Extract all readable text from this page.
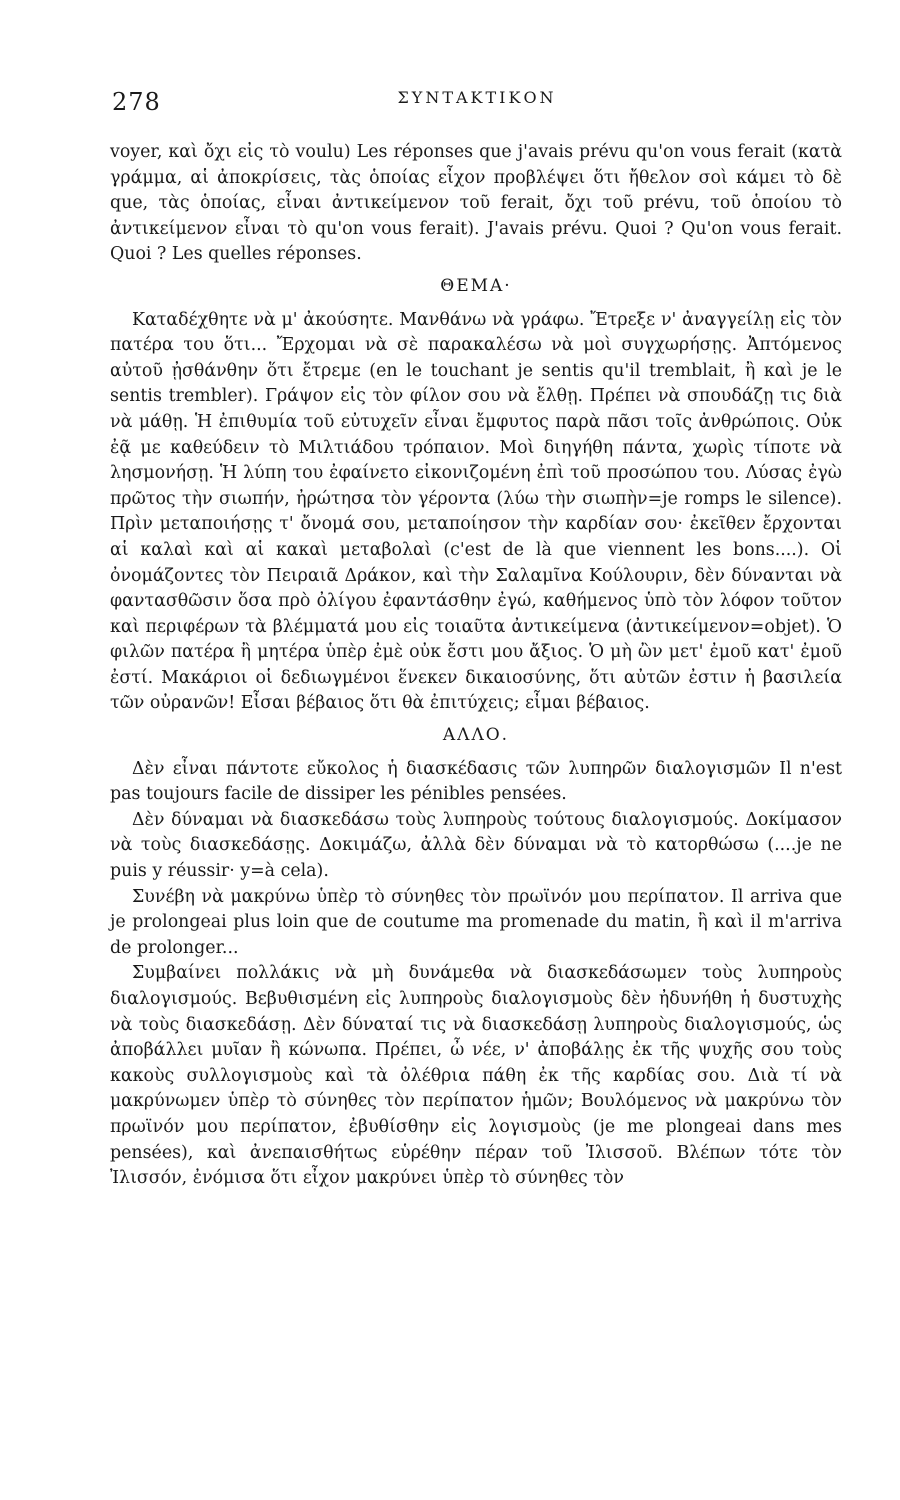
278	ΣΥΝΤΑΚΤΙΚΟΝ

voyer, καὶ ὄχι εἰς τὸ voulu) Les réponses que j'avais prévu qu'on vous ferait (κατὰ γράμμα, αἱ ἀποκρίσεις, τὰς ὁποίας εἶχον προβλέψει ὅτι ἤθελον σοὶ κάμει τὸ δὲ que, τὰς ὁποίας, εἶναι ἀντικείμενον τοῦ ferait, ὄχι τοῦ prévu, τοῦ ὁποίου τὸ ἀντικείμενον εἶναι τὸ qu'on vous ferait). J'avais prévu. Quoi ? Qu'on vous ferait. Quoi ? Les quelles réponses.

ΘΕΜΑ·

Καταδέχθητε νὰ μ' ἀκούσητε. Μανθάνω νὰ γράφω. Ἔτρεξε ν' ἀναγγείλῃ εἰς τὸν πατέρα του ὅτι... Ἔρχομαι νὰ σὲ παρακαλέσω νὰ μοὶ συγχωρήσῃς. Ἀπτόμενος αὐτοῦ ᾐσθάνθην ὅτι ἔτρεμε (en le touchant je sentis qu'il tremblait, ἢ καὶ je le sentis trembler). Γράψον εἰς τὸν φίλον σου νὰ ἔλθῃ. Πρέπει νὰ σπουδάζῃ τις διὰ νὰ μάθῃ. Ἡ ἐπιθυμία τοῦ εὐτυχεῖν εἶναι ἔμφυτος παρὰ πᾶσι τοῖς ἀνθρώποις. Οὐκ ἐᾷ με καθεύδειν τὸ Μιλτιάδου τρόπαιον. Μοὶ διηγήθη πάντα, χωρὶς τίποτε νὰ λησμονήσῃ. Ἡ λύπη του ἐφαίνετο εἰκονιζομένη ἐπὶ τοῦ προσώπου του. Λύσας ἐγὼ πρῶτος τὴν σιωπήν, ἠρώτησα τὸν γέροντα (λύω τὴν σιωπὴν=je romps le silence). Πρὶν μεταποιήσῃς τ' ὄνομά σου, μεταποίησον τὴν καρδίαν σου· ἐκεῖθεν ἔρχονται αἱ καλαὶ καὶ αἱ κακαὶ μεταβολαὶ (c'est de là que viennent les bons....). Οἱ ὀνομάζοντες τὸν Πειραιᾶ Δράκον, καὶ τὴν Σαλαμῖνα Κούλουριν, δὲν δύνανται νὰ φαντασθῶσιν ὅσα πρὸ ὀλίγου ἐφαντάσθην ἐγώ, καθήμενος ὑπὸ τὸν λόφον τοῦτον καὶ περιφέρων τὰ βλέμματά μου εἰς τοιαῦτα ἀντικείμενα (ἀντικείμενον=objet). Ὁ φιλῶν πατέρα ἢ μητέρα ὑπὲρ ἐμὲ οὐκ ἔστι μου ἄξιος. Ὁ μὴ ὢν μετ' ἐμοῦ κατ' ἐμοῦ ἐστί. Μακάριοι οἱ δεδιωγμένοι ἕνεκεν δικαιοσύνης, ὅτι αὐτῶν ἐστιν ἡ βασιλεία τῶν οὐρανῶν! Εἶσαι βέβαιος ὅτι θὰ ἐπιτύχεις; εἶμαι βέβαιος.

ΑΛΛΟ.

Δὲν εἶναι πάντοτε εὔκολος ἡ διασκέδασις τῶν λυπηρῶν διαλογισμῶν Il n'est pas toujours facile de dissiper les pénibles pensées.

Δὲν δύναμαι νὰ διασκεδάσω τοὺς λυπηροὺς τούτους διαλογισμούς. Δοκίμασον νὰ τοὺς διασκεδάσῃς. Δοκιμάζω, ἀλλὰ δὲν δύναμαι νὰ τὸ κατορθώσω (....je ne puis y réussir· y=à cela).

Συνέβη νὰ μακρύνω ὑπὲρ τὸ σύνηθες τὸν πρωϊνόν μου περίπατον. Il arriva que je prolongeai plus loin que de coutume ma promenade du matin, ἢ καὶ il m'arriva de prolonger...

Συμβαίνει πολλάκις νὰ μὴ δυνάμεθα νὰ διασκεδάσωμεν τοὺς λυπηροὺς διαλογισμούς. Βεβυθισμένη εἰς λυπηροὺς διαλογισμοὺς δὲν ἠδυνήθη ἡ δυστυχὴς νὰ τοὺς διασκεδάσῃ. Δὲν δύναταί τις νὰ διασκεδάσῃ λυπηροὺς διαλογισμούς, ὡς ἀποβάλλει μυῖαν ἢ κώνωπα. Πρέπει, ὦ νέε, ν' ἀποβάλῃς ἐκ τῆς ψυχῆς σου τοὺς κακοὺς συλλογισμοὺς καὶ τὰ ὀλέθρια πάθη ἐκ τῆς καρδίας σου. Διὰ τί νὰ μακρύνωμεν ὑπὲρ τὸ σύνηθες τὸν περίπατον ἡμῶν; Βουλόμενος νὰ μακρύνω τὸν πρωϊνόν μου περίπατον, ἐβυθίσθην εἰς λογισμοὺς (je me plongeai dans mes pensées), καὶ ἀνεπαισθήτως εὑρέθην πέραν τοῦ Ἰλισσοῦ. Βλέπων τότε τὸν Ἰλισσόν, ἐνόμισα ὅτι εἶχον μακρύνει ὑπὲρ τὸ σύνηθες τὸν
